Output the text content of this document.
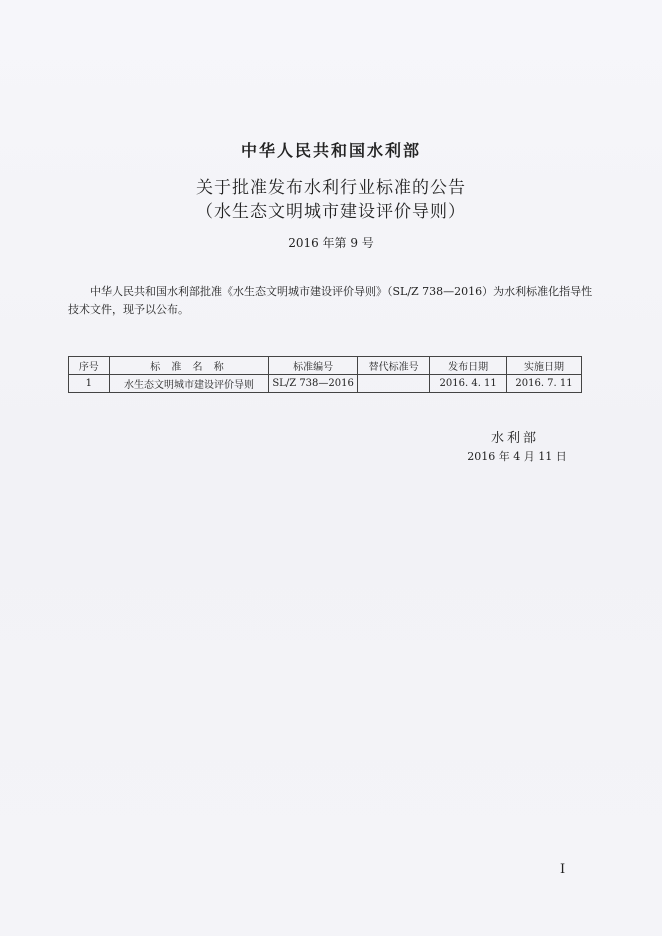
中华人民共和国水利部
关于批准发布水利行业标准的公告
（水生态文明城市建设评价导则）
2016 年第 9 号
中华人民共和国水利部批准《水生态文明城市建设评价导则》（SL/Z 738—2016）为水利标准化指导性技术文件，现予以公布。
序号	标 准 名 称	标准编号	替代标准号	发布日期	实施日期
1	水生态文明城市建设评价导则	SL/Z 738—2016		2016. 4. 11	2016. 7. 11
水利部
2016 年 4 月 11 日
I
